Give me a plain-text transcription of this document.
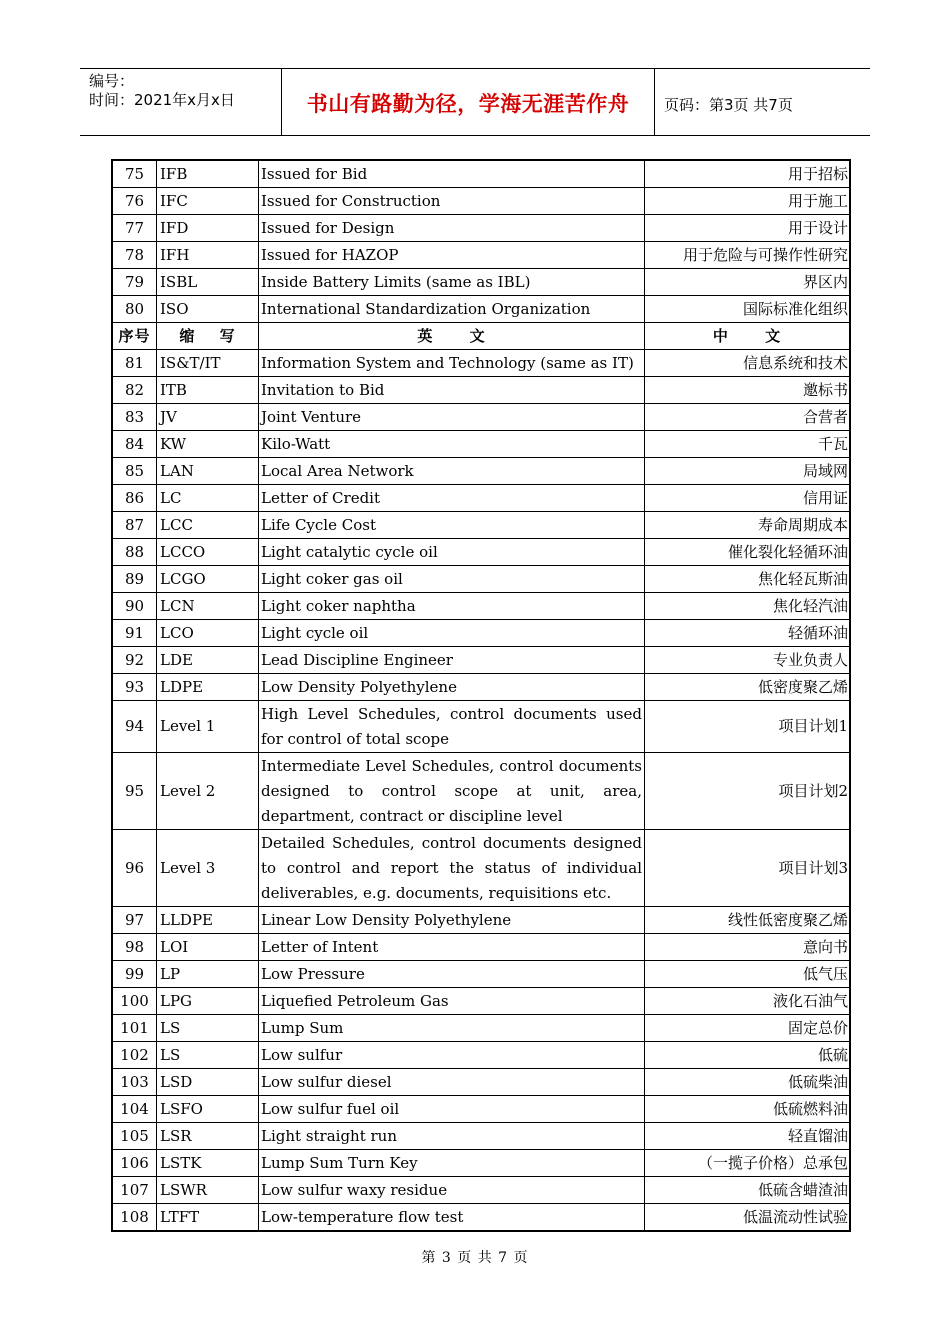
编号：
时间：2021年x月x日	书山有路勤为径，学海无涯苦作舟	页码：第3页 共7页
75	IFB	Issued for Bid	用于招标
76	IFC	Issued for Construction	用于施工
77	IFD	Issued for Design	用于设计
78	IFH	Issued for HAZOP	用于危险与可操作性研究
79	ISBL	Inside Battery Limits (same as IBL)	界区内
80	ISO	International Standardization Organization	国际标准化组织
序号	缩 写	英 文	中 文
81	IS&T/IT	Information System and Technology (same as IT)	信息系统和技术
82	ITB	Invitation to Bid	邀标书
83	JV	Joint Venture	合营者
84	KW	Kilo-Watt	千瓦
85	LAN	Local Area Network	局域网
86	LC	Letter of Credit	信用证
87	LCC	Life Cycle Cost	寿命周期成本
88	LCCO	Light catalytic cycle oil	催化裂化轻循环油
89	LCGO	Light coker gas oil	焦化轻瓦斯油
90	LCN	Light coker naphtha	焦化轻汽油
91	LCO	Light cycle oil	轻循环油
92	LDE	Lead Discipline Engineer	专业负责人
93	LDPE	Low Density Polyethylene	低密度聚乙烯
94	Level 1	High Level Schedules, control documents used for control of total scope	项目计划1
95	Level 2	Intermediate Level Schedules, control documents designed to control scope at unit, area, department, contract or discipline level	项目计划2
96	Level 3	Detailed Schedules, control documents designed to control and report the status of individual deliverables, e.g. documents, requisitions etc.	项目计划3
97	LLDPE	Linear Low Density Polyethylene	线性低密度聚乙烯
98	LOI	Letter of Intent	意向书
99	LP	Low Pressure	低气压
100	LPG	Liquefied Petroleum Gas	液化石油气
101	LS	Lump Sum	固定总价
102	LS	Low sulfur	低硫
103	LSD	Low sulfur diesel	低硫柴油
104	LSFO	Low sulfur fuel oil	低硫燃料油
105	LSR	Light straight run	轻直馏油
106	LSTK	Lump Sum Turn Key	（一揽子价格）总承包
107	LSWR	Low sulfur waxy residue	低硫含蜡渣油
108	LTFT	Low-temperature flow test	低温流动性试验
第 3 页 共 7 页
